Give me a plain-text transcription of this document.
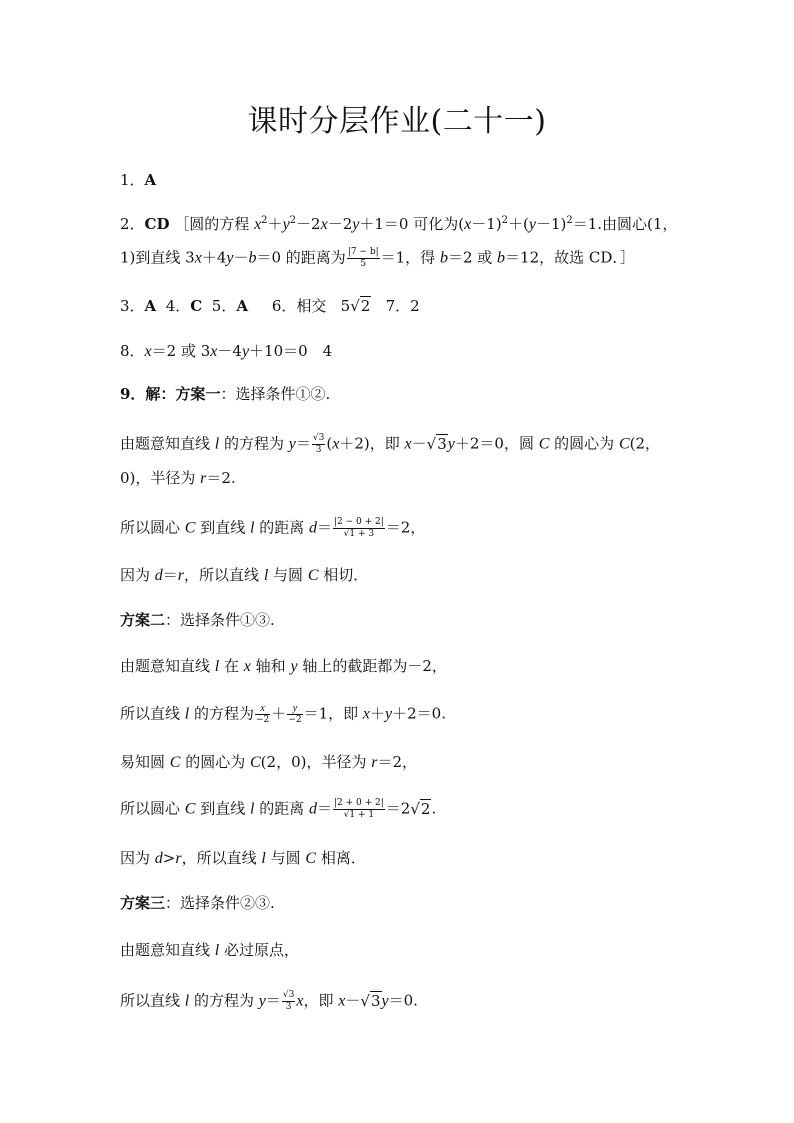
课时分层作业(二十一)
1．A
2．CD ［圆的方程 $x^2+y^2-2x-2y+1=0$ 可化为$(x-1)^2+(y-1)^2=1$.由圆心(1，
1)到直线 3x＋4y－b＝0 的距离为 $\frac{|7 - b|}{5} =1$，得 b＝2 或 b＝12，故选 CD．］
3．A 4．C 5．A 6．相交 5√2 7．2
8．x＝2 或 3x－4y＋10＝0　4
9．解：方案一：选择条件①②.
由题意知直线 l 的方程为 $y= \frac{√3}{3} (x+2)$，即 x－√3y＋2＝0，圆 C 的圆心为 C(2，
0)，半径为 r＝2.
所以圆心 C 到直线 l 的距离 $d= \frac{|2 - 0 + 2|}{√1 + 3} =2$，
因为 d＝r，所以直线 l 与圆 C 相切．
方案二：选择条件①③.
由题意知直线 l 在 x 轴和 y 轴上的截距都为－2，
所以直线 l 的方程为 $\frac{x}{-2} + \frac{y}{-2} =1$，即 x＋y＋2＝0.
易知圆 C 的圆心为 C(2，0)，半径为 r＝2，
所以圆心 C 到直线 l 的距离 $d= \frac{|2 + 0 + 2|}{√1 + 1} =2√2$.
因为 d>r，所以直线 l 与圆 C 相离．
方案三：选择条件②③.
由题意知直线 l 必过原点，
所以直线 l 的方程为 $y= \frac{√3}{3}$ x，即 x－√3y＝0.
